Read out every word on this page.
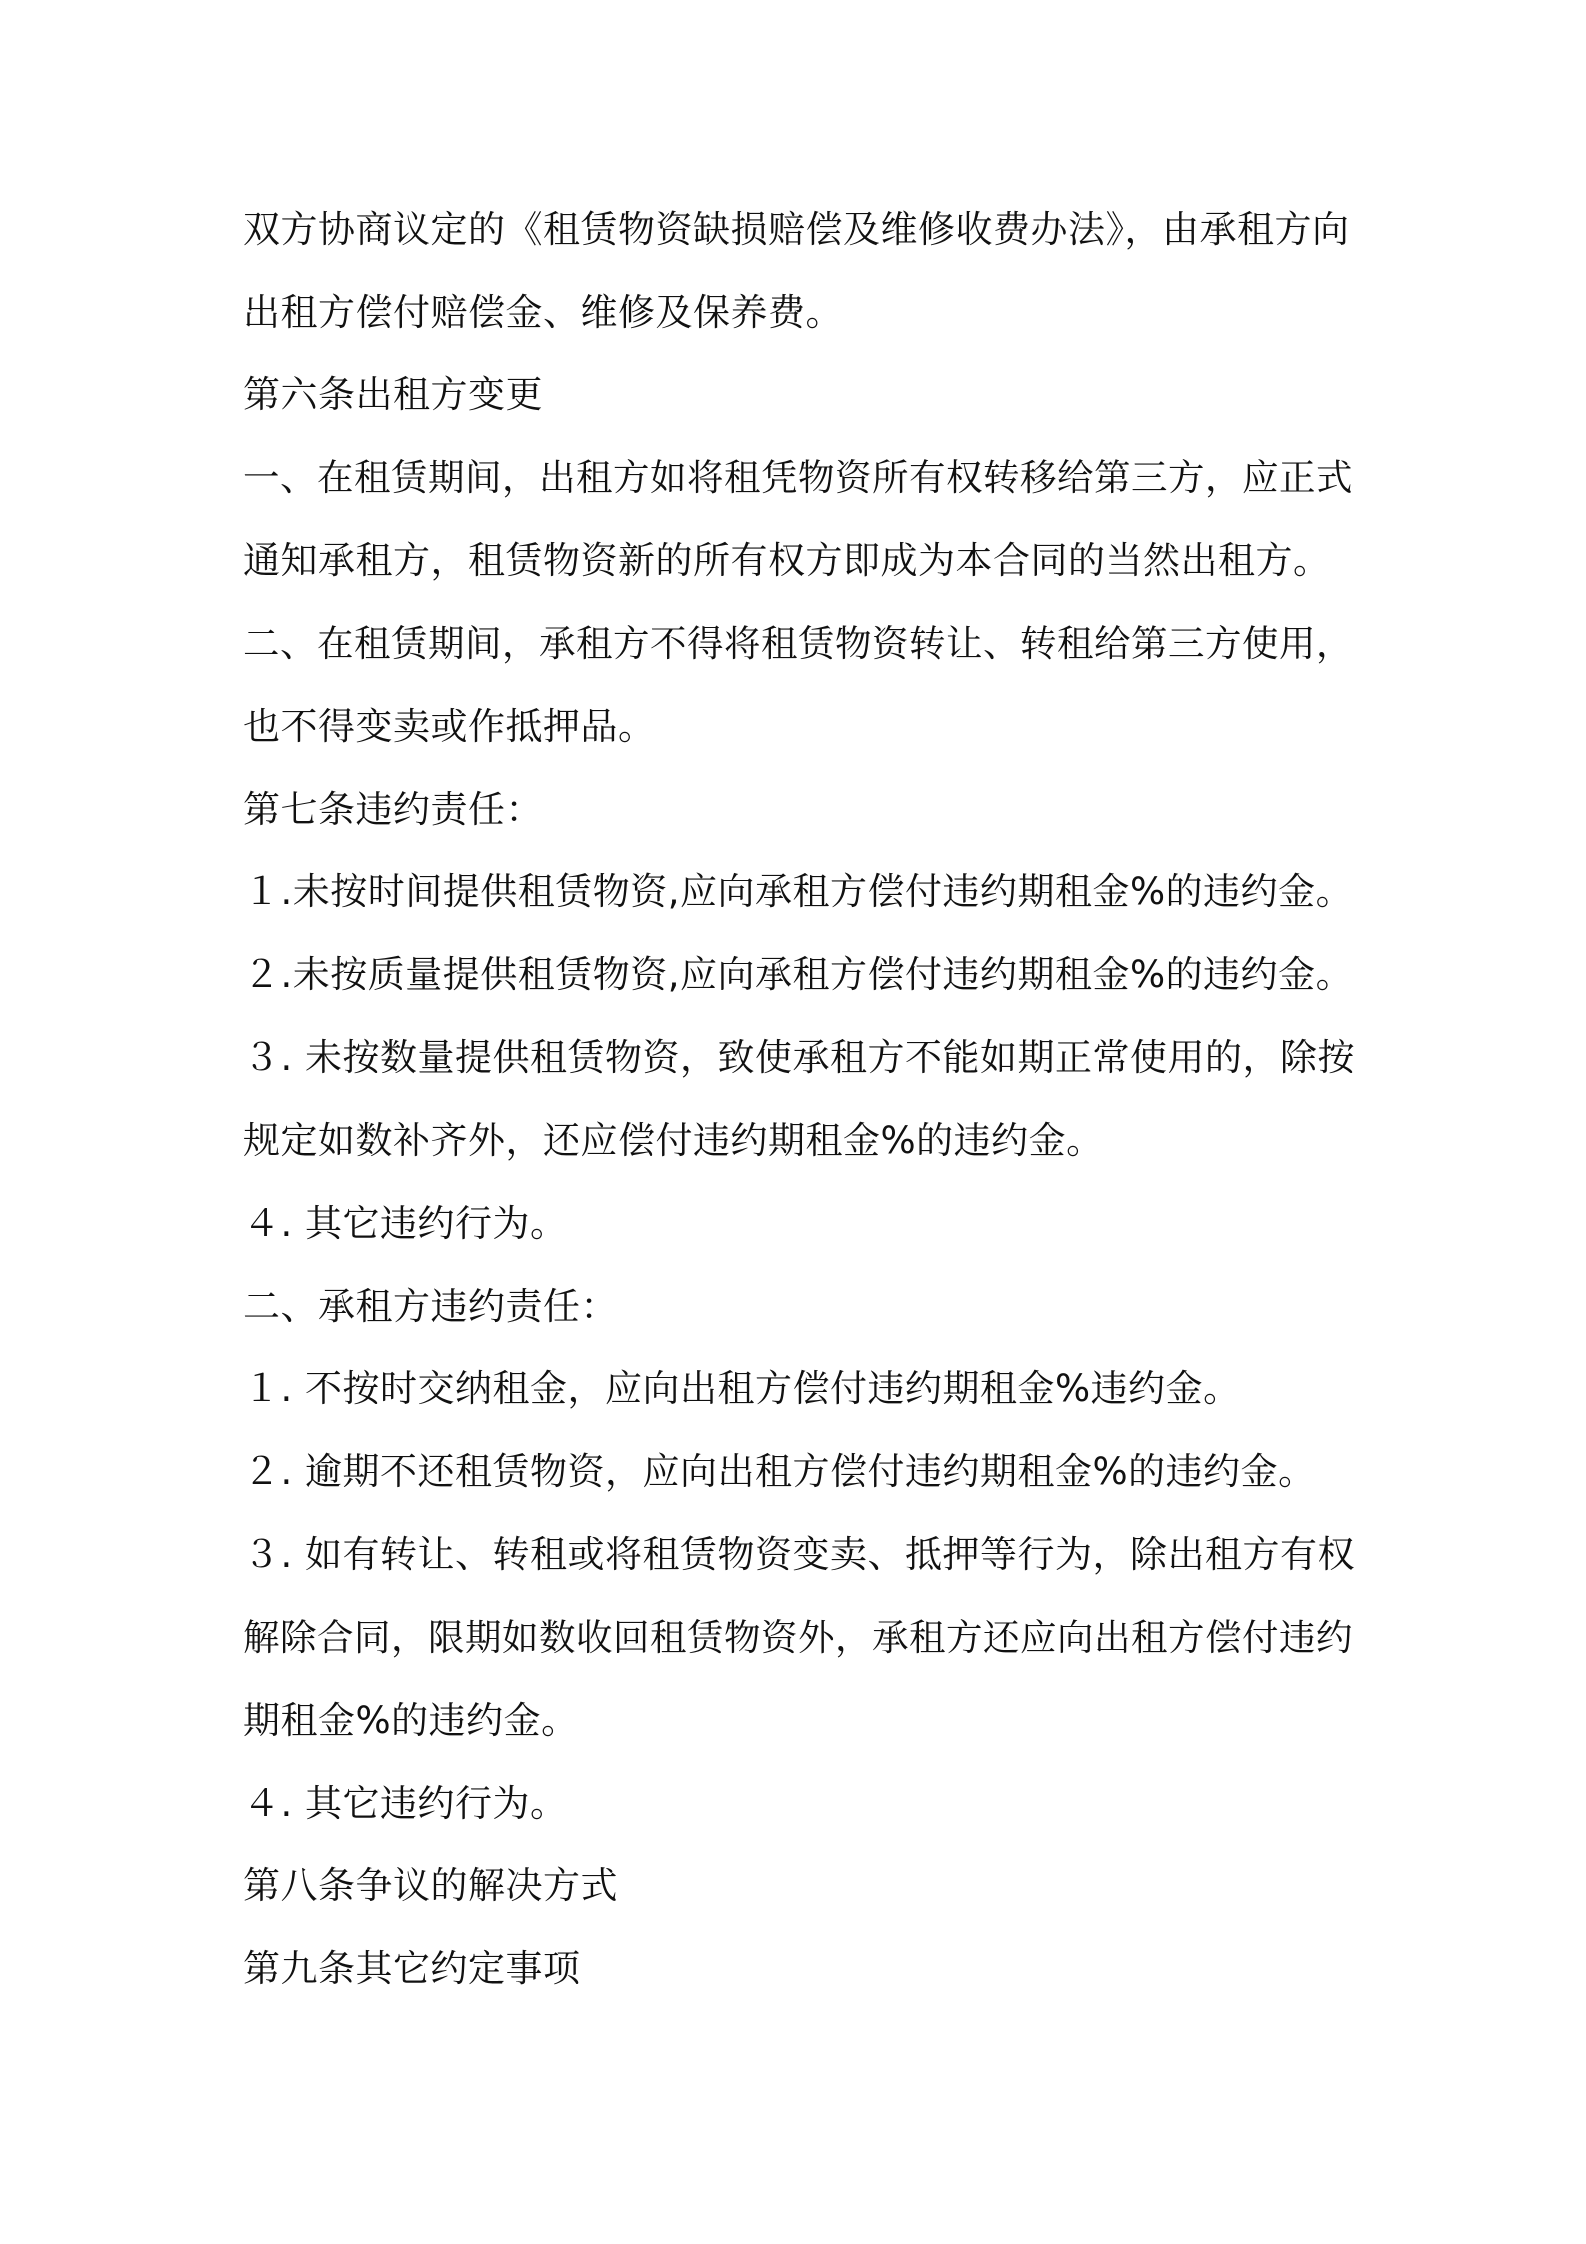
双方协商议定的《租赁物资缺损赔偿及维修收费办法》，由承租方向
出租方偿付赔偿金、维修及保养费。
第六条出租方变更
一、在租赁期间，出租方如将租凭物资所有权转移给第三方，应正式
通知承租方，租赁物资新的所有权方即成为本合同的当然出租方。
二、在租赁期间，承租方不得将租赁物资转让、转租给第三方使用，
也不得变卖或作抵押品。
第七条违约责任：
１.未按时间提供租赁物资,应向承租方偿付违约期租金%的违约金。
２.未按质量提供租赁物资,应向承租方偿付违约期租金%的违约金。
３. 未按数量提供租赁物资，致使承租方不能如期正常使用的，除按
规定如数补齐外，还应偿付违约期租金%的违约金。
４. 其它违约行为。
二、承租方违约责任：
１. 不按时交纳租金，应向出租方偿付违约期租金%违约金。
２. 逾期不还租赁物资，应向出租方偿付违约期租金%的违约金。
３. 如有转让、转租或将租赁物资变卖、抵押等行为，除出租方有权
解除合同，限期如数收回租赁物资外，承租方还应向出租方偿付违约
期租金%的违约金。
４. 其它违约行为。
第八条争议的解决方式
第九条其它约定事项
